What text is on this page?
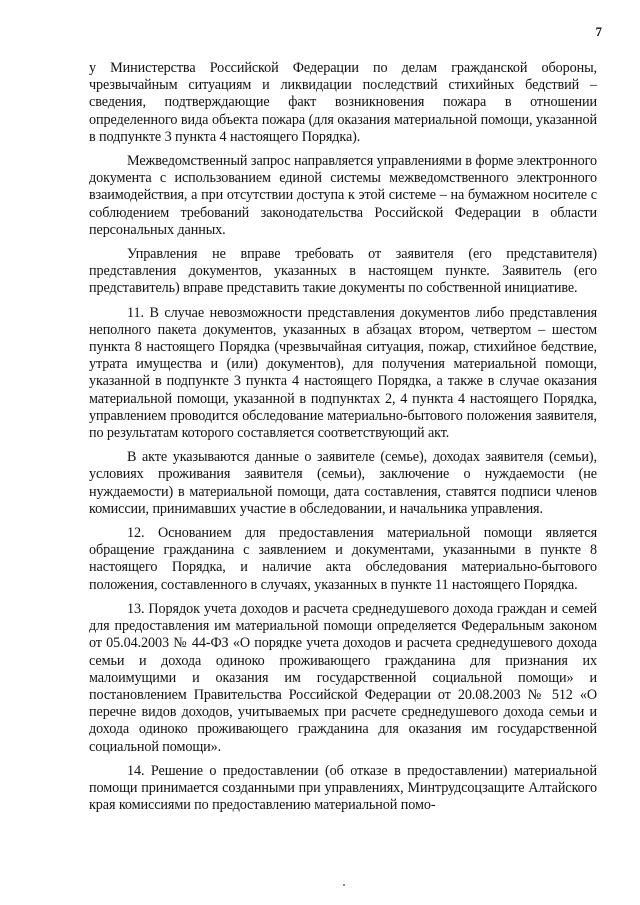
7

у Министерства Российской Федерации по делам гражданской обороны, чрезвычайным ситуациям и ликвидации последствий стихийных бедствий – сведения, подтверждающие факт возникновения пожара в отношении определенного вида объекта пожара (для оказания материальной помощи, указанной в подпункте 3 пункта 4 настоящего Порядка).

Межведомственный запрос направляется управлениями в форме электронного документа с использованием единой системы межведомственного электронного взаимодействия, а при отсутствии доступа к этой системе – на бумажном носителе с соблюдением требований законодательства Российской Федерации в области персональных данных.

Управления не вправе требовать от заявителя (его представителя) представления документов, указанных в настоящем пункте. Заявитель (его представитель) вправе представить такие документы по собственной инициативе.

11. В случае невозможности представления документов либо представления неполного пакета документов, указанных в абзацах втором, четвертом – шестом пункта 8 настоящего Порядка (чрезвычайная ситуация, пожар, стихийное бедствие, утрата имущества и (или) документов), для получения материальной помощи, указанной в подпункте 3 пункта 4 настоящего Порядка, а также в случае оказания материальной помощи, указанной в подпунктах 2, 4 пункта 4 настоящего Порядка, управлением проводится обследование материально-бытового положения заявителя, по результатам которого составляется соответствующий акт.

В акте указываются данные о заявителе (семье), доходах заявителя (семьи), условиях проживания заявителя (семьи), заключение о нуждаемости (не нуждаемости) в материальной помощи, дата составления, ставятся подписи членов комиссии, принимавших участие в обследовании, и начальника управления.

12. Основанием для предоставления материальной помощи является обращение гражданина с заявлением и документами, указанными в пункте 8 настоящего Порядка, и наличие акта обследования материально-бытового положения, составленного в случаях, указанных в пункте 11 настоящего Порядка.

13. Порядок учета доходов и расчета среднедушевого дохода граждан и семей для предоставления им материальной помощи определяется Федеральным законом от 05.04.2003 № 44-ФЗ «О порядке учета доходов и расчета среднедушевого дохода семьи и дохода одиноко проживающего гражданина для признания их малоимущими и оказания им государственной социальной помощи» и постановлением Правительства Российской Федерации от 20.08.2003 № 512 «О перечне видов доходов, учитываемых при расчете среднедушевого дохода семьи и дохода одиноко проживающего гражданина для оказания им государственной социальной помощи».

14. Решение о предоставлении (об отказе в предоставлении) материальной помощи принимается созданными при управлениях, Минтрудсоцзащите Алтайского края комиссиями по предоставлению материальной помо-
